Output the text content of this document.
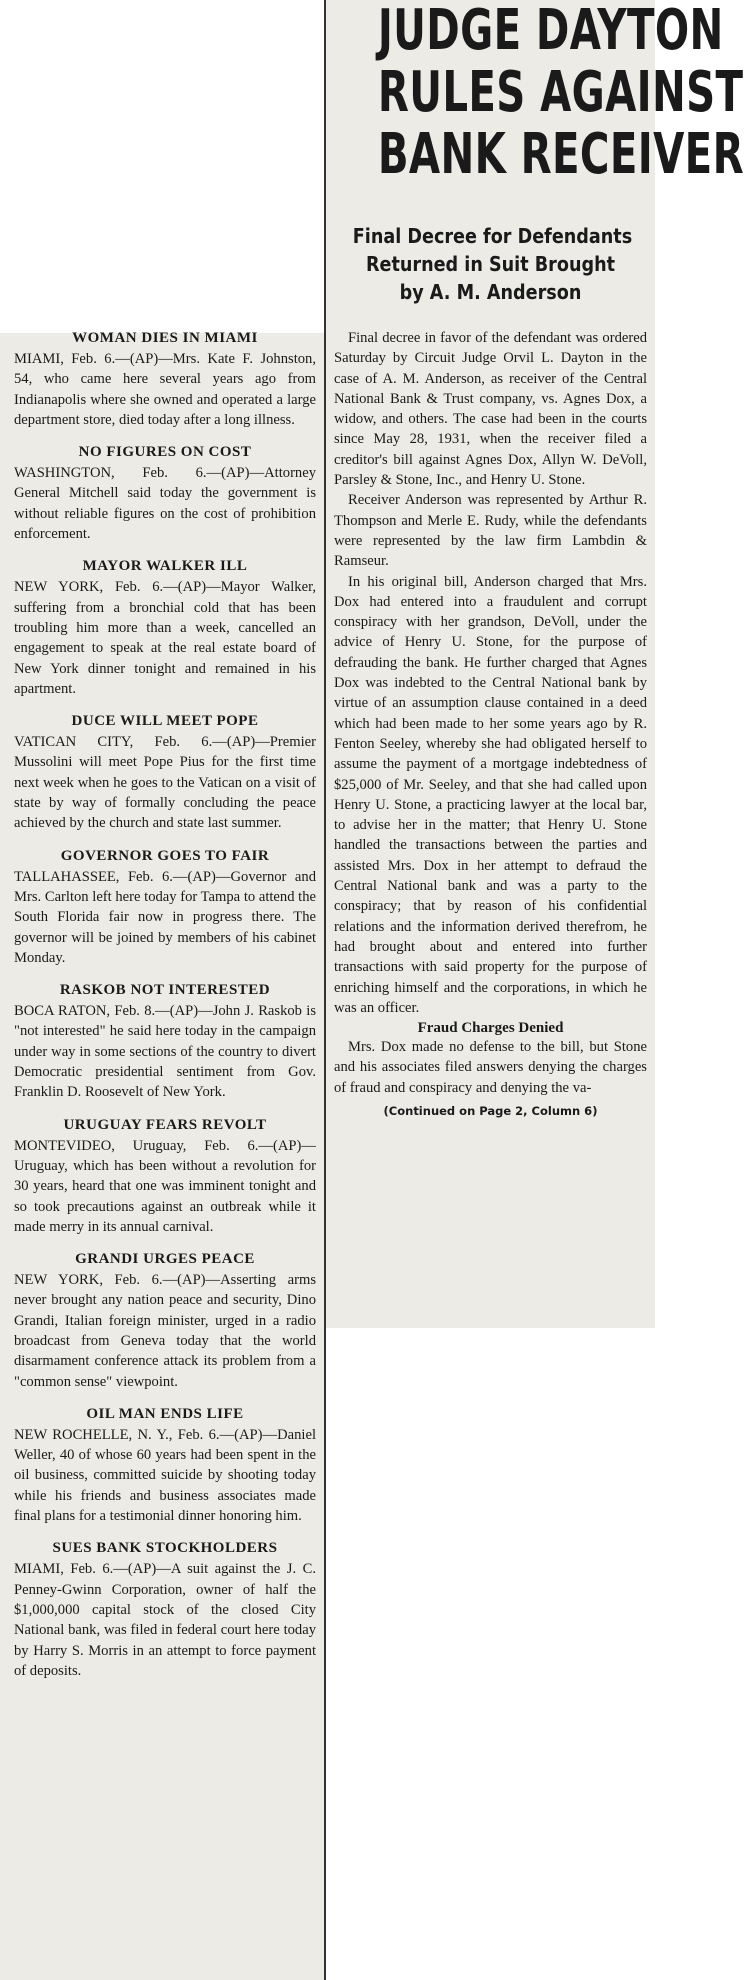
JUDGE DAYTON
RULES AGAINST
BANK RECEIVER
Final Decree for Defendants
Returned in Suit Brought
by A. M. Anderson

Final decree in favor of the defendant was ordered Saturday by Circuit Judge Orvil L. Dayton in the case of A. M. Anderson, as receiver of the Central National Bank & Trust company, vs. Agnes Dox, a widow, and others. The case had been in the courts since May 28, 1931, when the receiver filed a creditor's bill against Agnes Dox, Allyn W. DeVoll, Parsley & Stone, Inc., and Henry U. Stone.

Receiver Anderson was represented by Arthur R. Thompson and Merle E. Rudy, while the defendants were represented by the law firm Lambdin & Ramseur.

In his original bill, Anderson charged that Mrs. Dox had entered into a fraudulent and corrupt conspiracy with her grandson, DeVoll, under the advice of Henry U. Stone, for the purpose of defrauding the bank. He further charged that Agnes Dox was indebted to the Central National bank by virtue of an assumption clause contained in a deed which had been made to her some years ago by R. Fenton Seeley, whereby she had obligated herself to assume the payment of a mortgage indebtedness of $25,000 of Mr. Seeley, and that she had called upon Henry U. Stone, a practicing lawyer at the local bar, to advise her in the matter; that Henry U. Stone handled the transactions between the parties and assisted Mrs. Dox in her attempt to defraud the Central National bank and was a party to the conspiracy; that by reason of his confidential relations and the information derived therefrom, he had brought about and entered into further transactions with said property for the purpose of enriching himself and the corporations, in which he was an officer.

Fraud Charges Denied

Mrs. Dox made no defense to the bill, but Stone and his associates filed answers denying the charges of fraud and conspiracy and denying the va-

(Continued on Page 2, Column 6)
WOMAN DIES IN MIAMI

MIAMI, Feb. 6.—(AP)—Mrs. Kate F. Johnston, 54, who came here several years ago from Indianapolis where she owned and operated a large department store, died today after a long illness.

NO FIGURES ON COST

WASHINGTON, Feb. 6.—(AP)—Attorney General Mitchell said today the government is without reliable figures on the cost of prohibition enforcement.

MAYOR WALKER ILL

NEW YORK, Feb. 6.—(AP)—Mayor Walker, suffering from a bronchial cold that has been troubling him more than a week, cancelled an engagement to speak at the real estate board of New York dinner tonight and remained in his apartment.

DUCE WILL MEET POPE

VATICAN CITY, Feb. 6.—(AP)—Premier Mussolini will meet Pope Pius for the first time next week when he goes to the Vatican on a visit of state by way of formally concluding the peace achieved by the church and state last summer.

GOVERNOR GOES TO FAIR

TALLAHASSEE, Feb. 6.—(AP)—Governor and Mrs. Carlton left here today for Tampa to attend the South Florida fair now in progress there. The governor will be joined by members of his cabinet Monday.

RASKOB NOT INTERESTED

BOCA RATON, Feb. 8.—(AP)—John J. Raskob is "not interested" he said here today in the campaign under way in some sections of the country to divert Democratic presidential sentiment from Gov. Franklin D. Roosevelt of New York.

URUGUAY FEARS REVOLT

MONTEVIDEO, Uruguay, Feb. 6.—(AP)—Uruguay, which has been without a revolution for 30 years, heard that one was imminent tonight and so took precautions against an outbreak while it made merry in its annual carnival.

GRANDI URGES PEACE

NEW YORK, Feb. 6.—(AP)—Asserting arms never brought any nation peace and security, Dino Grandi, Italian foreign minister, urged in a radio broadcast from Geneva today that the world disarmament conference attack its problem from a "common sense" viewpoint.

OIL MAN ENDS LIFE

NEW ROCHELLE, N. Y., Feb. 6.—(AP)—Daniel Weller, 40 of whose 60 years had been spent in the oil business, committed suicide by shooting today while his friends and business associates made final plans for a testimonial dinner honoring him.

SUES BANK STOCKHOLDERS

MIAMI, Feb. 6.—(AP)—A suit against the J. C. Penney-Gwinn Corporation, owner of half the $1,000,000 capital stock of the closed City National bank, was filed in federal court here today by Harry S. Morris in an attempt to force payment of deposits.
